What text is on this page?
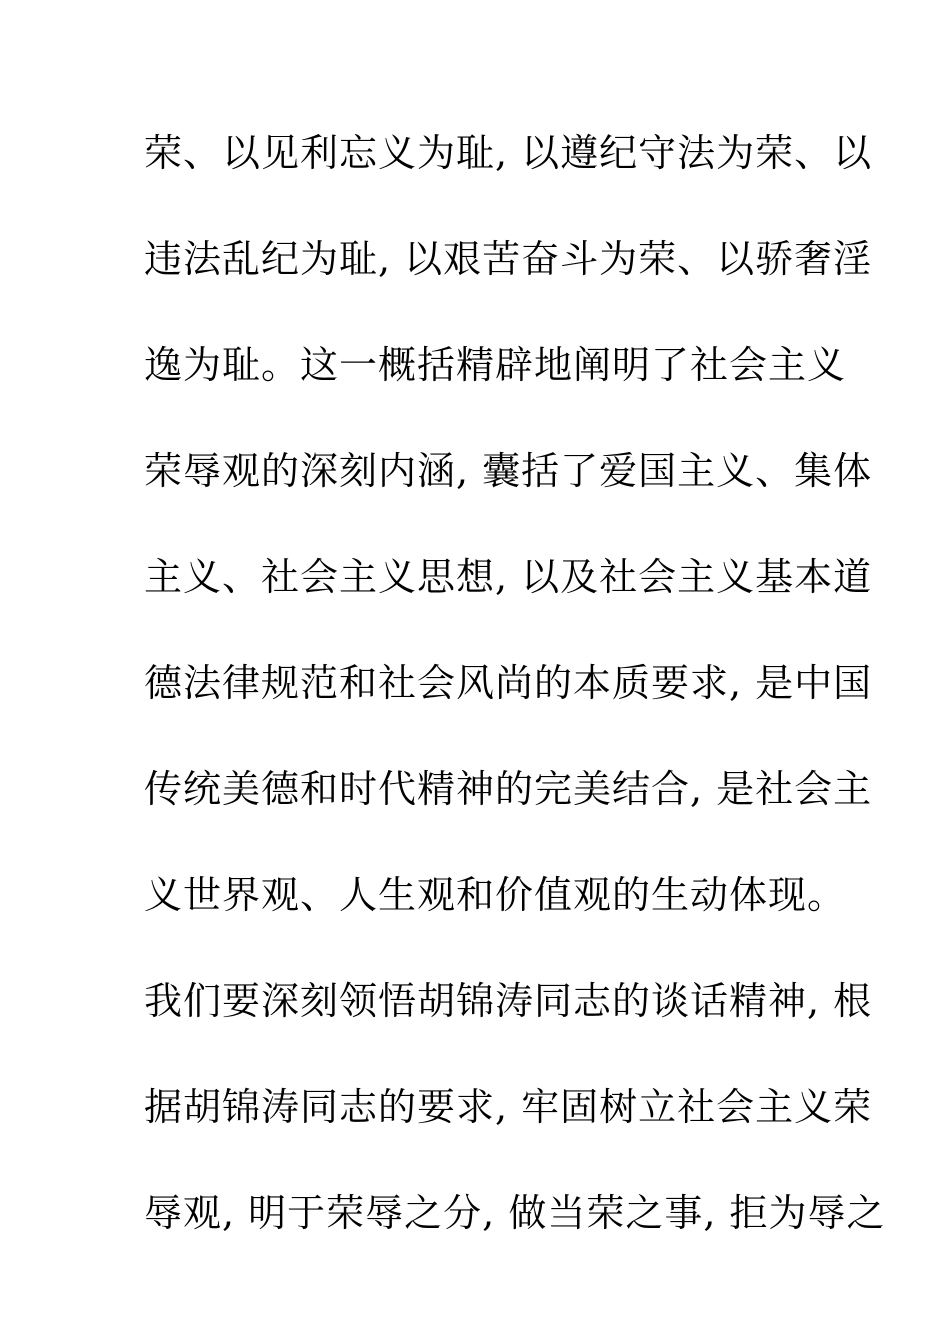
荣、以见利忘义为耻, 以遵纪守法为荣、以
违法乱纪为耻, 以艰苦奋斗为荣、以骄奢淫
逸为耻。这一概括精辟地阐明了社会主义
荣辱观的深刻内涵, 囊括了爱国主义、集体
主义、社会主义思想, 以及社会主义基本道
德法律规范和社会风尚的本质要求, 是中国
传统美德和时代精神的完美结合, 是社会主
义世界观、人生观和价值观的生动体现。
我们要深刻领悟胡锦涛同志的谈话精神, 根
据胡锦涛同志的要求, 牢固树立社会主义荣
辱观, 明于荣辱之分, 做当荣之事, 拒为辱之
